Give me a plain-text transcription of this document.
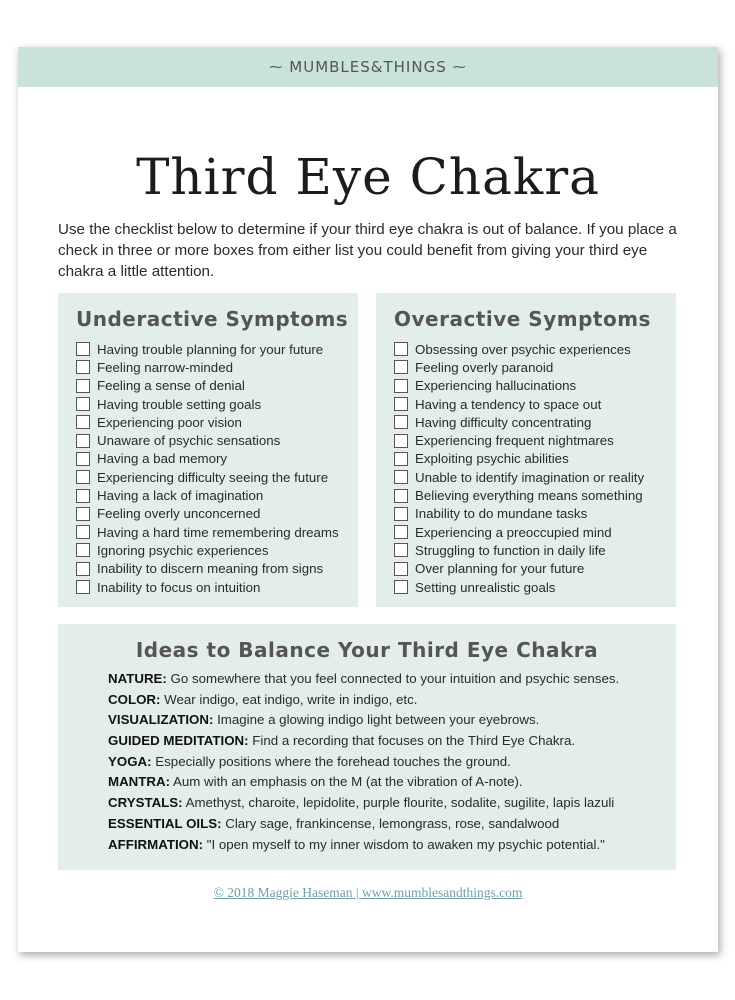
⁓ MUMBLES&THINGS ⁓
Third Eye Chakra

Use the checklist below to determine if your third eye chakra is out of balance. If you place a check in three or more boxes from either list you could benefit from giving your third eye chakra a little attention.

Underactive Symptoms
Having trouble planning for your future
Feeling narrow-minded
Feeling a sense of denial
Having trouble setting goals
Experiencing poor vision
Unaware of psychic sensations
Having a bad memory
Experiencing difficulty seeing the future
Having a lack of imagination
Feeling overly unconcerned
Having a hard time remembering dreams
Ignoring psychic experiences
Inability to discern meaning from signs
Inability to focus on intuition
Overactive Symptoms
Obsessing over psychic experiences
Feeling overly paranoid
Experiencing hallucinations
Having a tendency to space out
Having difficulty concentrating
Experiencing frequent nightmares
Exploiting psychic abilities
Unable to identify imagination or reality
Believing everything means something
Inability to do mundane tasks
Experiencing a preoccupied mind
Struggling to function in daily life
Over planning for your future
Setting unrealistic goals
Ideas to Balance Your Third Eye Chakra
NATURE: Go somewhere that you feel connected to your intuition and psychic senses.
COLOR: Wear indigo, eat indigo, write in indigo, etc.
VISUALIZATION: Imagine a glowing indigo light between your eyebrows.
GUIDED MEDITATION: Find a recording that focuses on the Third Eye Chakra.
YOGA: Especially positions where the forehead touches the ground.
MANTRA: Aum with an emphasis on the M (at the vibration of A-note).
CRYSTALS: Amethyst, charoite, lepidolite, purple flourite, sodalite, sugilite, lapis lazuli
ESSENTIAL OILS: Clary sage, frankincense, lemongrass, rose, sandalwood
AFFIRMATION: "I open myself to my inner wisdom to awaken my psychic potential."
© 2018 Maggie Haseman | www.mumblesandthings.com
